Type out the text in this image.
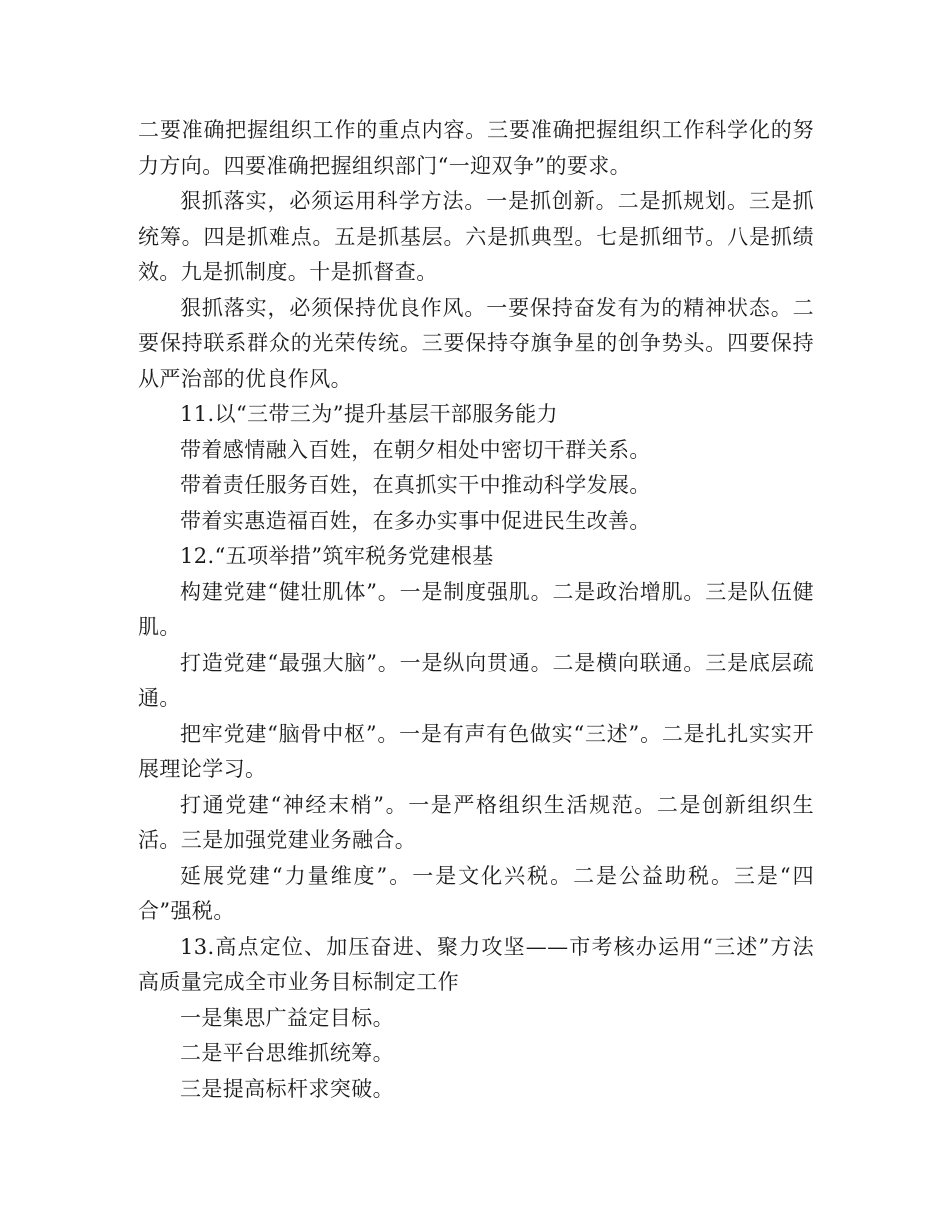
二要准确把握组织工作的重点内容。三要准确把握组织工作科学化的努力方向。四要准确把握组织部门“一迎双争”的要求。

狠抓落实，必须运用科学方法。一是抓创新。二是抓规划。三是抓统筹。四是抓难点。五是抓基层。六是抓典型。七是抓细节。八是抓绩效。九是抓制度。十是抓督查。

狠抓落实，必须保持优良作风。一要保持奋发有为的精神状态。二要保持联系群众的光荣传统。三要保持夺旗争星的创争势头。四要保持从严治部的优良作风。

11.以“三带三为”提升基层干部服务能力

带着感情融入百姓，在朝夕相处中密切干群关系。

带着责任服务百姓，在真抓实干中推动科学发展。

带着实惠造福百姓，在多办实事中促进民生改善。

12.“五项举措”筑牢税务党建根基

构建党建“健壮肌体”。一是制度强肌。二是政治增肌。三是队伍健肌。

打造党建“最强大脑”。一是纵向贯通。二是横向联通。三是底层疏通。

把牢党建“脑骨中枢”。一是有声有色做实“三述”。二是扎扎实实开展理论学习。

打通党建“神经末梢”。一是严格组织生活规范。二是创新组织生活。三是加强党建业务融合。

延展党建“力量维度”。一是文化兴税。二是公益助税。三是“四合”强税。

13.高点定位、加压奋进、聚力攻坚——市考核办运用“三述”方法高质量完成全市业务目标制定工作

一是集思广益定目标。

二是平台思维抓统筹。

三是提高标杆求突破。
